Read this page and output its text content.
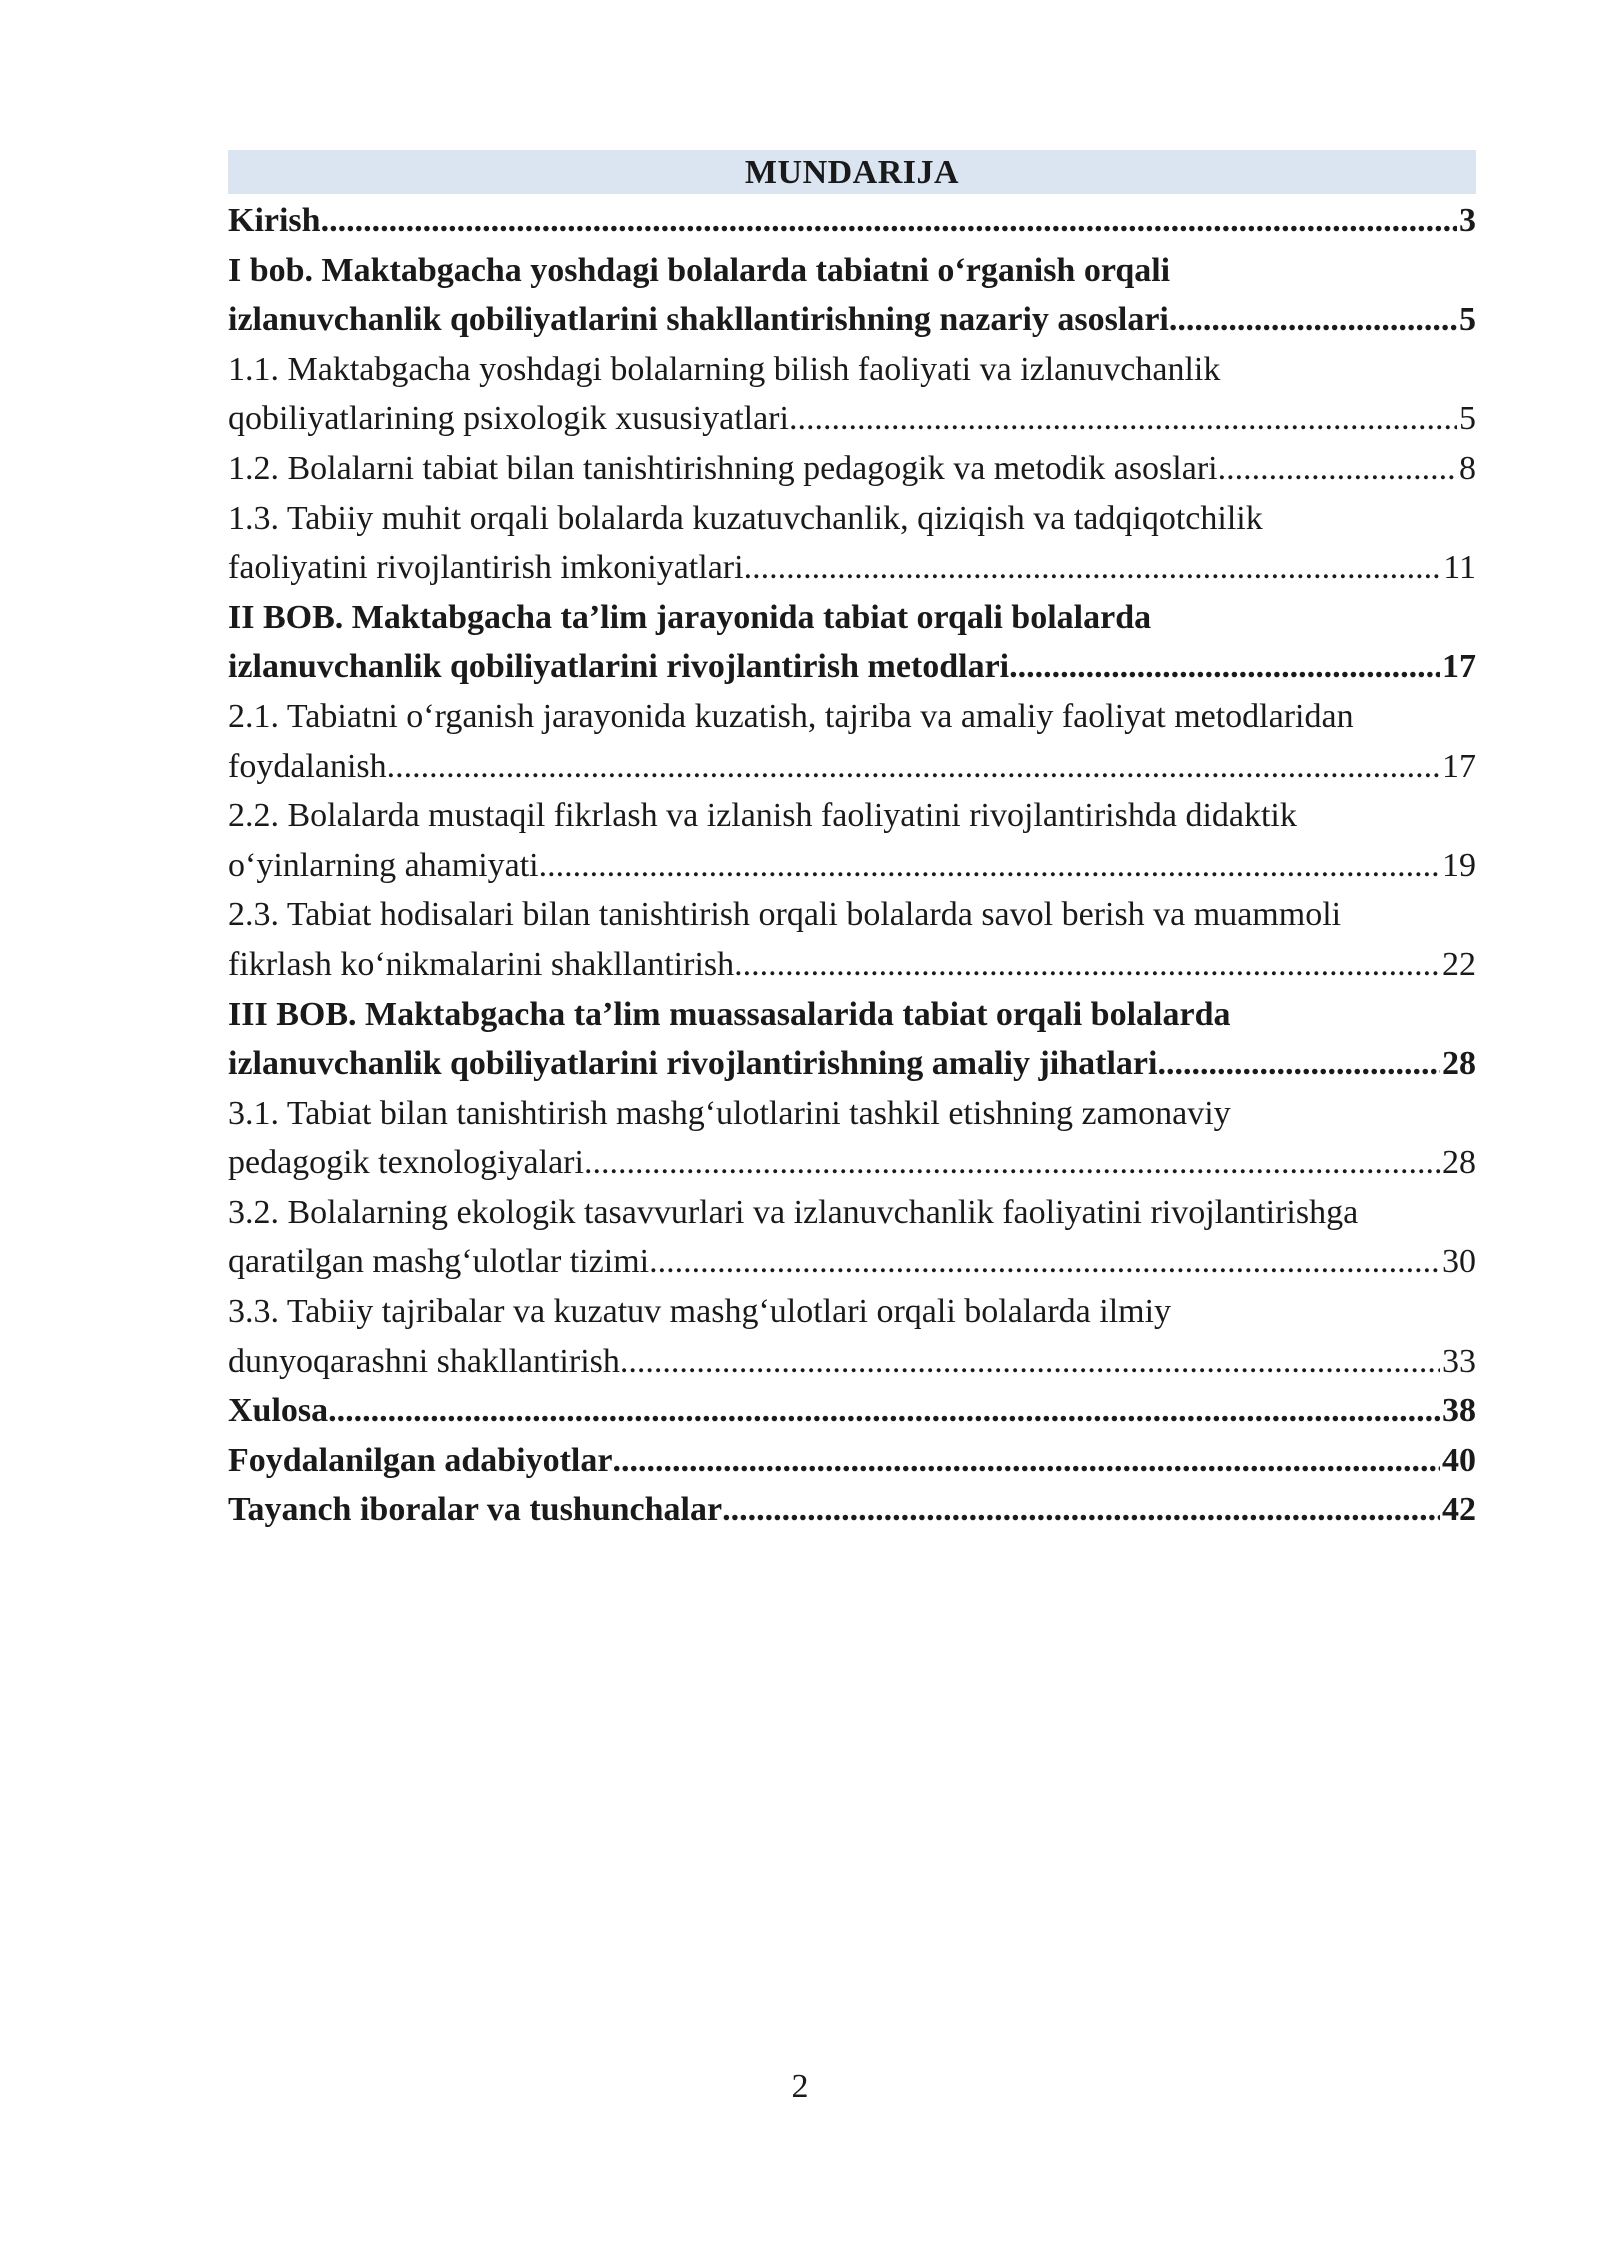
MUNDARIJA
Kirish .....	3
I bob. Maktabgacha yoshdagi bolalarda tabiatni o‘rganish orqali
izlanuvchanlik qobiliyatlarini shakllantirishning nazariy asoslari .....	5
1.1. Maktabgacha yoshdagi bolalarning bilish faoliyati va izlanuvchanlik
qobiliyatlarining psixologik xususiyatlari .....	5
1.2. Bolalarni tabiat bilan tanishtirishning pedagogik va metodik asoslari .....	8
1.3. Tabiiy muhit orqali bolalarda kuzatuvchanlik, qiziqish va tadqiqotchilik
faoliyatini rivojlantirish imkoniyatlari .....	11
II BOB. Maktabgacha ta’lim jarayonida tabiat orqali bolalarda
izlanuvchanlik qobiliyatlarini rivojlantirish metodlari .....	17
2.1. Tabiatni o‘rganish jarayonida kuzatish, tajriba va amaliy faoliyat metodlaridan
foydalanish .....	17
2.2. Bolalarda mustaqil fikrlash va izlanish faoliyatini rivojlantirishda didaktik
o‘yinlarning ahamiyati .....	19
2.3. Tabiat hodisalari bilan tanishtirish orqali bolalarda savol berish va muammoli
fikrlash ko‘nikmalarini shakllantirish .....	22
III BOB. Maktabgacha ta’lim muassasalarida tabiat orqali bolalarda
izlanuvchanlik qobiliyatlarini rivojlantirishning amaliy jihatlari .....	28
3.1. Tabiat bilan tanishtirish mashg‘ulotlarini tashkil etishning zamonaviy
pedagogik texnologiyalari .....	28
3.2. Bolalarning ekologik tasavvurlari va izlanuvchanlik faoliyatini rivojlantirishga
qaratilgan mashg‘ulotlar tizimi .....	30
3.3. Tabiiy tajribalar va kuzatuv mashg‘ulotlari orqali bolalarda ilmiy
dunyoqarashni shakllantirish .....	33
Xulosa .....	38
Foydalanilgan adabiyotlar .....	40
Tayanch iboralar va tushunchalar .....	42
2
